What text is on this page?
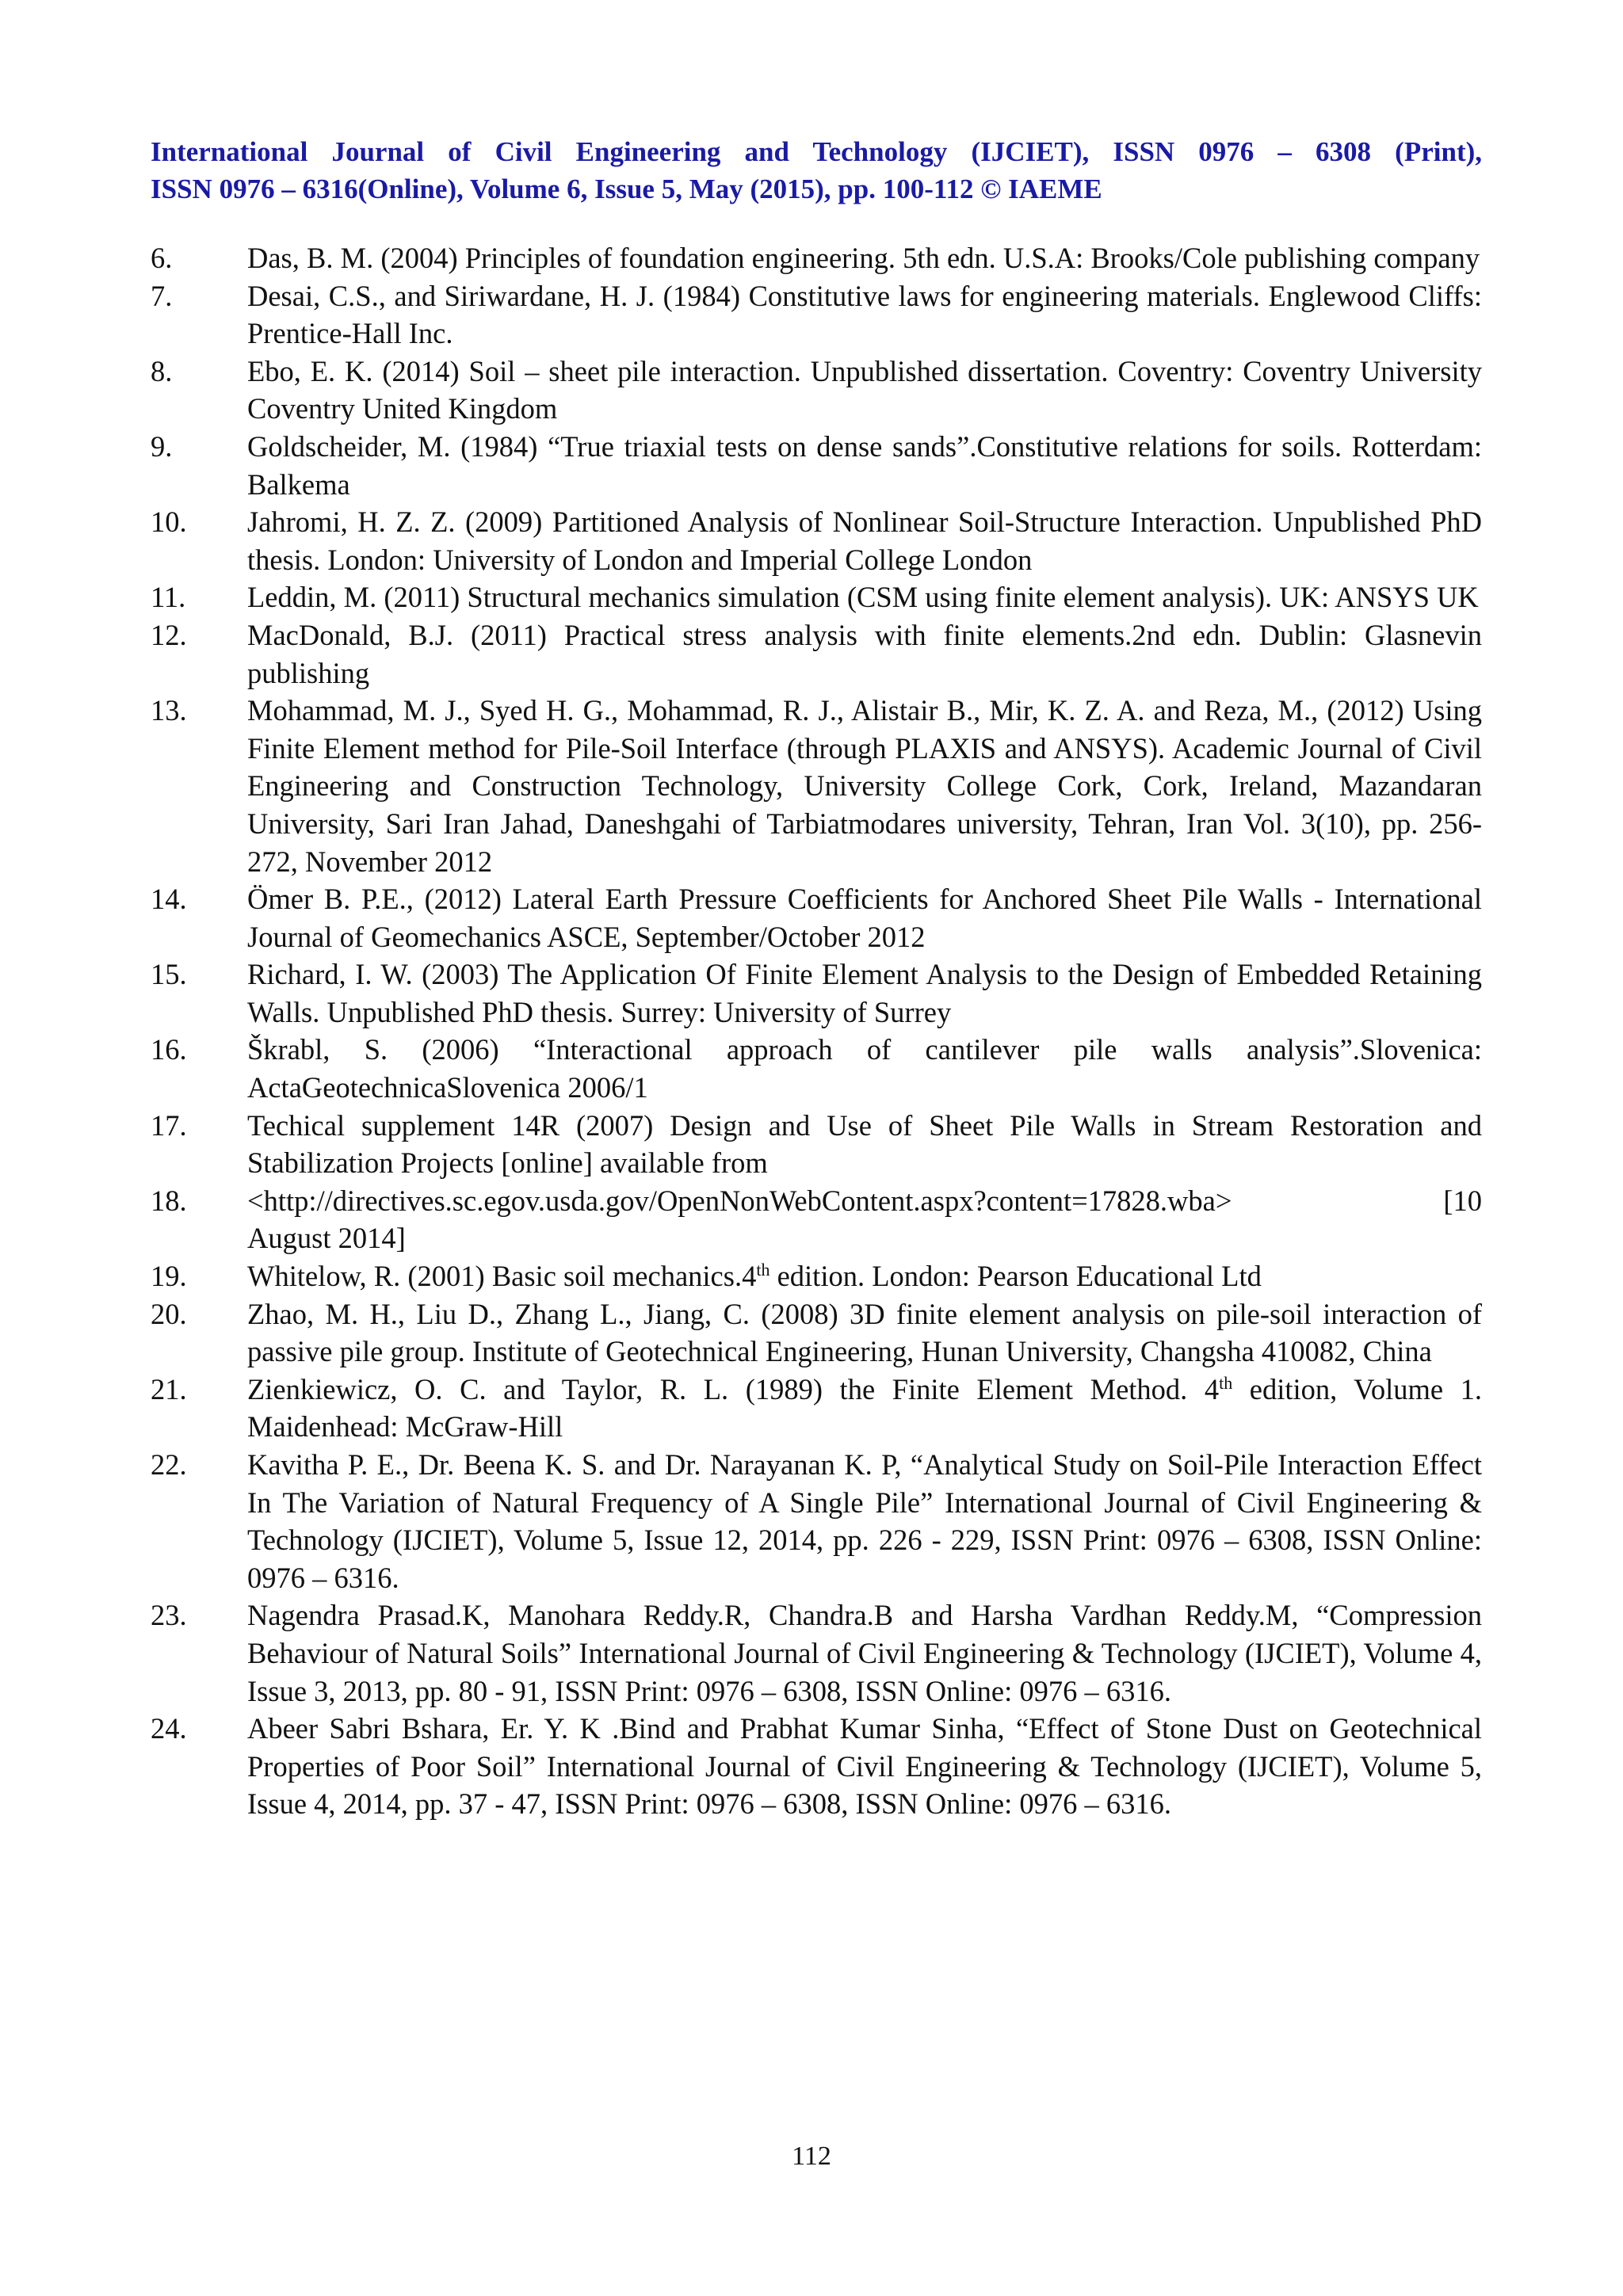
International Journal of Civil Engineering and Technology (IJCIET), ISSN 0976 – 6308 (Print),
ISSN 0976 – 6316(Online), Volume 6, Issue 5, May (2015), pp. 100-112 © IAEME
6.	Das, B. M. (2004) Principles of foundation engineering. 5th edn. U.S.A: Brooks/Cole publishing company
7.	Desai, C.S., and Siriwardane, H. J. (1984) Constitutive laws for engineering materials. Englewood Cliffs: Prentice-Hall Inc.
8.	Ebo, E. K. (2014) Soil – sheet pile interaction. Unpublished dissertation. Coventry: Coventry University Coventry United Kingdom
9.	Goldscheider, M. (1984) “True triaxial tests on dense sands”.Constitutive relations for soils. Rotterdam: Balkema
10. Jahromi, H. Z. Z. (2009) Partitioned Analysis of Nonlinear Soil-Structure Interaction. Unpublished PhD thesis. London: University of London and Imperial College London
11. Leddin, M. (2011) Structural mechanics simulation (CSM using finite element analysis). UK: ANSYS UK
12. MacDonald, B.J. (2011) Practical stress analysis with finite elements.2nd edn. Dublin: Glasnevin publishing
13. Mohammad, M. J., Syed H. G., Mohammad, R. J., Alistair B., Mir, K. Z. A. and Reza, M., (2012) Using Finite Element method for Pile-Soil Interface (through PLAXIS and ANSYS). Academic Journal of Civil Engineering and Construction Technology, University College Cork, Cork, Ireland, Mazandaran University, Sari Iran Jahad, Daneshgahi of Tarbiatmodares university, Tehran, Iran Vol. 3(10), pp. 256-272, November 2012
14. Ömer B. P.E., (2012) Lateral Earth Pressure Coefficients for Anchored Sheet Pile Walls - International Journal of Geomechanics ASCE, September/October 2012
15. Richard, I. W. (2003) The Application Of Finite Element Analysis to the Design of Embedded Retaining Walls. Unpublished PhD thesis. Surrey: University of Surrey
16. Škrabl, S. (2006) “Interactional approach of cantilever pile walls analysis”.Slovenica: ActaGeotechnicaSlovenica 2006/1
17. Techical supplement 14R (2007) Design and Use of Sheet Pile Walls in Stream Restoration and Stabilization Projects [online] available from
18. <http://directives.sc.egov.usda.gov/OpenNonWebContent.aspx?content=17828.wba>	[10
August 2014]
19. Whitelow, R. (2001) Basic soil mechanics.4th edition. London: Pearson Educational Ltd
20. Zhao, M. H., Liu D., Zhang L., Jiang, C. (2008) 3D finite element analysis on pile-soil interaction of passive pile group. Institute of Geotechnical Engineering, Hunan University, Changsha 410082, China
21. Zienkiewicz, O. C. and Taylor, R. L. (1989) the Finite Element Method. 4th edition, Volume 1. Maidenhead: McGraw-Hill
22. Kavitha P. E., Dr. Beena K. S. and Dr. Narayanan K. P, “Analytical Study on Soil-Pile Interaction Effect In The Variation of Natural Frequency of A Single Pile” International Journal of Civil Engineering & Technology (IJCIET), Volume 5, Issue 12, 2014, pp. 226 - 229, ISSN Print: 0976 – 6308, ISSN Online: 0976 – 6316.
23. Nagendra Prasad.K, Manohara Reddy.R, Chandra.B and Harsha Vardhan Reddy.M, “Compression Behaviour of Natural Soils” International Journal of Civil Engineering & Technology (IJCIET), Volume 4, Issue 3, 2013, pp. 80 - 91, ISSN Print: 0976 – 6308, ISSN Online: 0976 – 6316.
24. Abeer Sabri Bshara, Er. Y. K .Bind and Prabhat Kumar Sinha, “Effect of Stone Dust on Geotechnical Properties of Poor Soil” International Journal of Civil Engineering & Technology (IJCIET), Volume 5, Issue 4, 2014, pp. 37 - 47, ISSN Print: 0976 – 6308, ISSN Online: 0976 – 6316.
112
